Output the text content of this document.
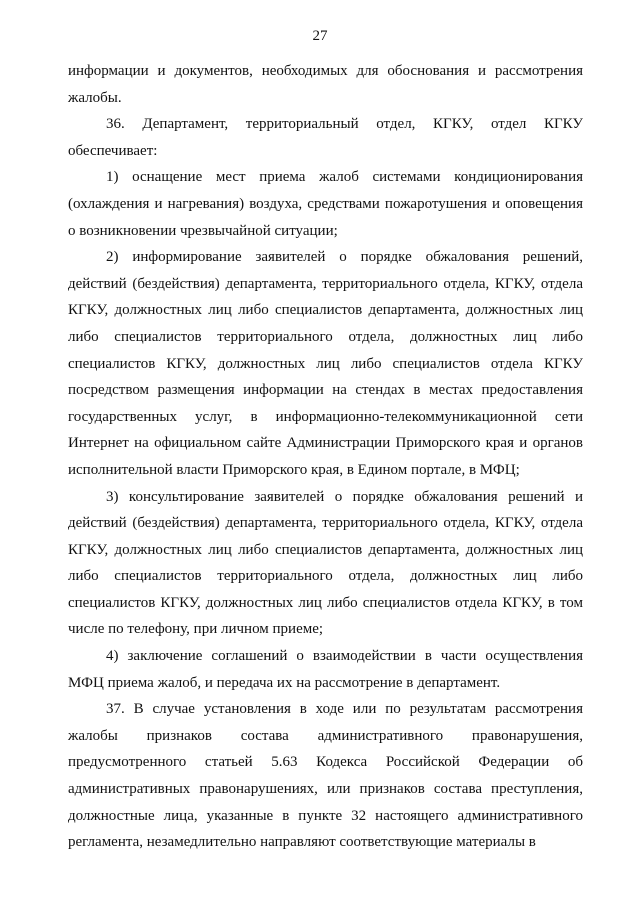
27

информации и документов, необходимых для обоснования и рассмотрения жалобы.

36. Департамент, территориальный отдел, КГКУ, отдел КГКУ обеспечивает:

1) оснащение мест приема жалоб системами кондиционирования (охлаждения и нагревания) воздуха, средствами пожаротушения и оповещения о возникновении чрезвычайной ситуации;

2) информирование заявителей о порядке обжалования решений, действий (бездействия) департамента, территориального отдела, КГКУ, отдела КГКУ, должностных лиц либо специалистов департамента, должностных лиц либо специалистов территориального отдела, должностных лиц либо специалистов КГКУ, должностных лиц либо специалистов отдела КГКУ посредством размещения информации на стендах в местах предоставления государственных услуг, в информационно-телекоммуникационной сети Интернет на официальном сайте Администрации Приморского края и органов исполнительной власти Приморского края, в Едином портале, в МФЦ;

3) консультирование заявителей о порядке обжалования решений и действий (бездействия) департамента, территориального отдела, КГКУ, отдела КГКУ, должностных лиц либо специалистов департамента, должностных лиц либо специалистов территориального отдела, должностных лиц либо специалистов КГКУ, должностных лиц либо специалистов отдела КГКУ, в том числе по телефону, при личном приеме;

4) заключение соглашений о взаимодействии в части осуществления МФЦ приема жалоб, и передача их на рассмотрение в департамент.

37. В случае установления в ходе или по результатам рассмотрения жалобы признаков состава административного правонарушения, предусмотренного статьей 5.63 Кодекса Российской Федерации об административных правонарушениях, или признаков состава преступления, должностные лица, указанные в пункте 32 настоящего административного регламента, незамедлительно направляют соответствующие материалы в
